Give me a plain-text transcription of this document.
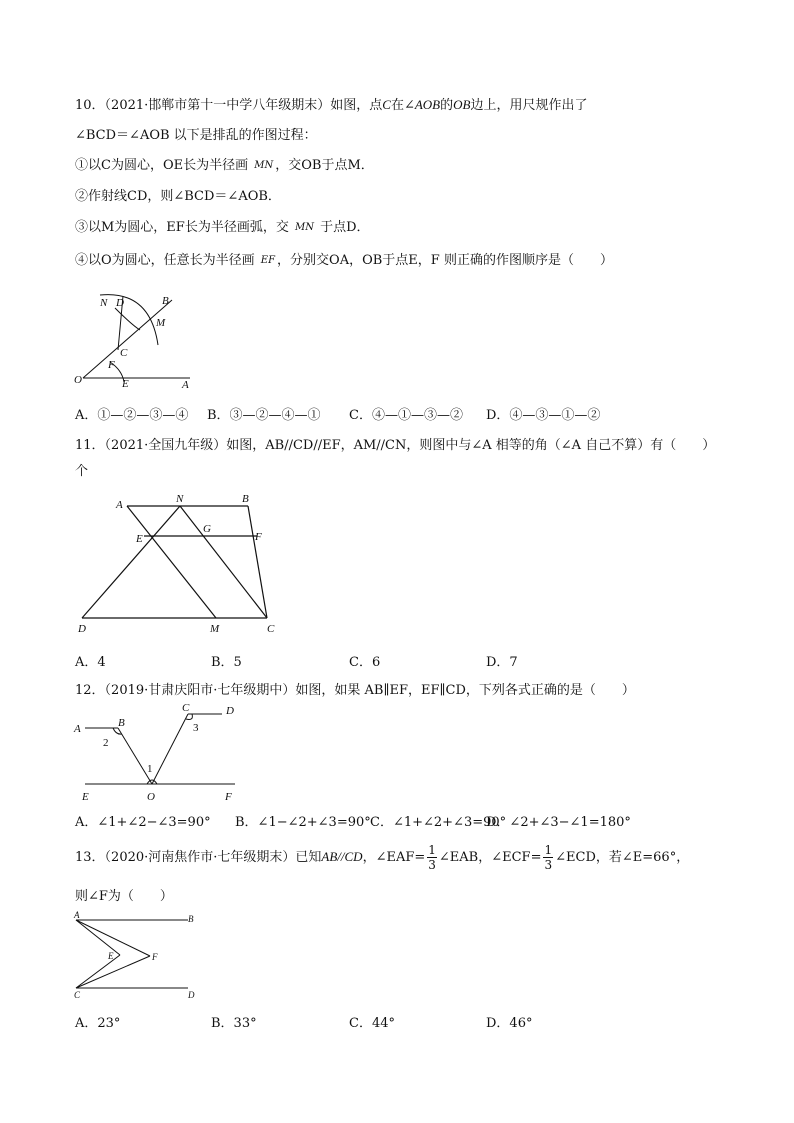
10．（2021·邯郸市第十一中学八年级期末）如图，点C在∠AOB的OB边上，用尺规作出了
∠BCD＝∠AOB 以下是排乱的作图过程：
①以C为圆心，OE长为半径画 MN ，交OB于点M．
②作射线CD，则∠BCD＝∠AOB．
③以M为圆心，EF长为半径画弧，交 MN 于点D．
④以O为圆心，任意长为半径画 EF ，分别交OA，OB于点E，F 则正确的作图顺序是（　　）
N D	B
M
C
F
O	E	A
A．①—②—③—④ B．③—②—④—① C．④—①—③—② D．④—③—①—②
11．（2021·全国九年级）如图，AB//CD//EF，AM//CN，则图中与∠A 相等的角（∠A 自己不算）有（　　）
个
A	N	B
E
G
F
D	M	C
A．4	B．5	C．6	D．7
12．（2019·甘肃庆阳市·七年级期中）如图，如果 AB∥EF，EF∥CD，下列各式正确的是（　　）
A	B
C	D
2
3
1
E	O	F
A．∠1+∠2−∠3=90° B．∠1−∠2+∠3=90° C．∠1+∠2+∠3=90°
D．∠2+∠3−∠1=180°
13．（2020·河南焦作市·七年级期末）已知AB//CD，∠EAF= $\frac{1}{3}$ ∠EAB，∠ECF= $\frac{1}{3}$ ∠ECD，若∠E=66°，
则∠F为（　　）
A	B
E	F
C	D
A．23°	B．33°	C．44°	D．46°
